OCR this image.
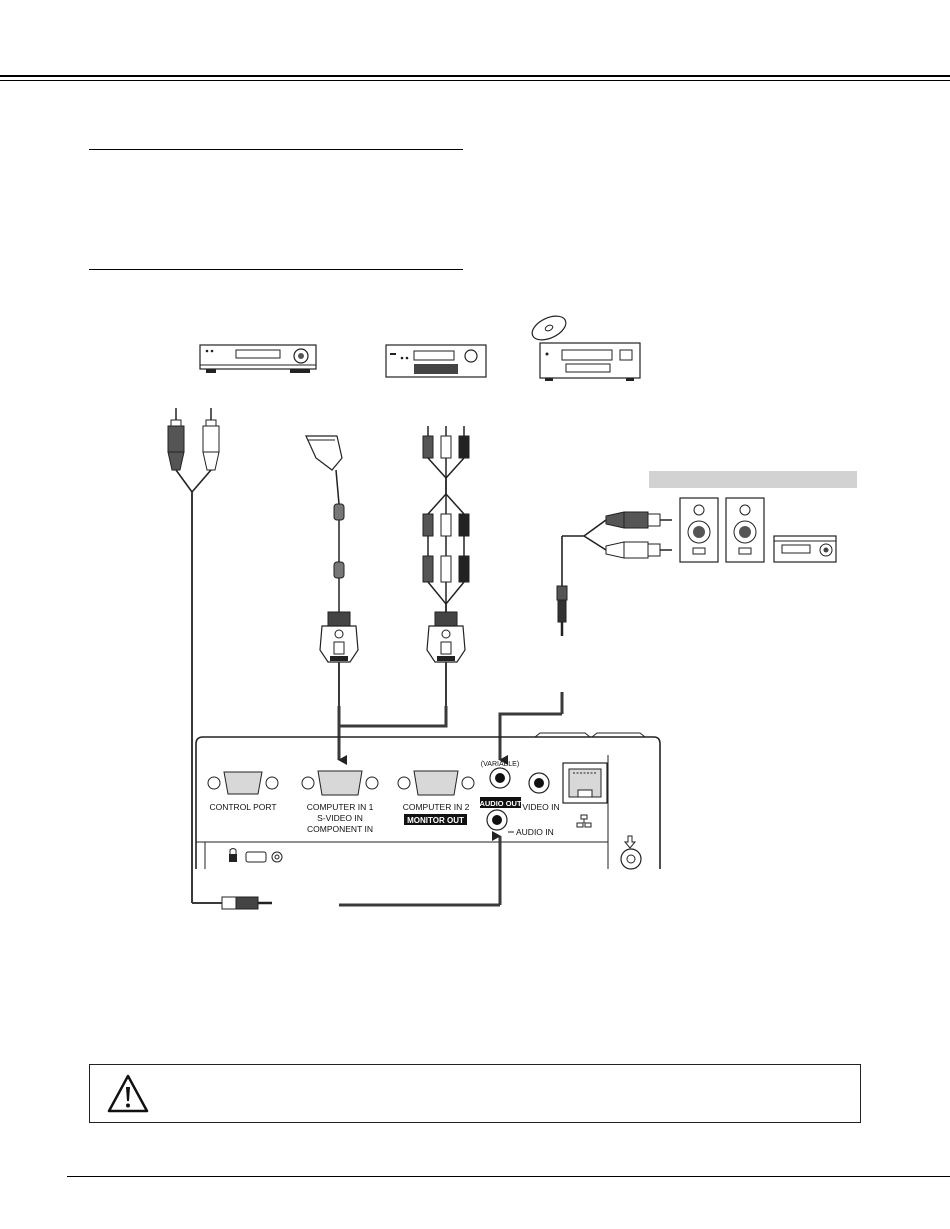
CONTROL PORT	COMPUTER IN 1
S-VIDEO IN
COMPONENT IN
COMPUTER IN 2
MONITOR OUT
(VARIABLE)
AUDIO OUT VIDEO IN
AUDIO IN
